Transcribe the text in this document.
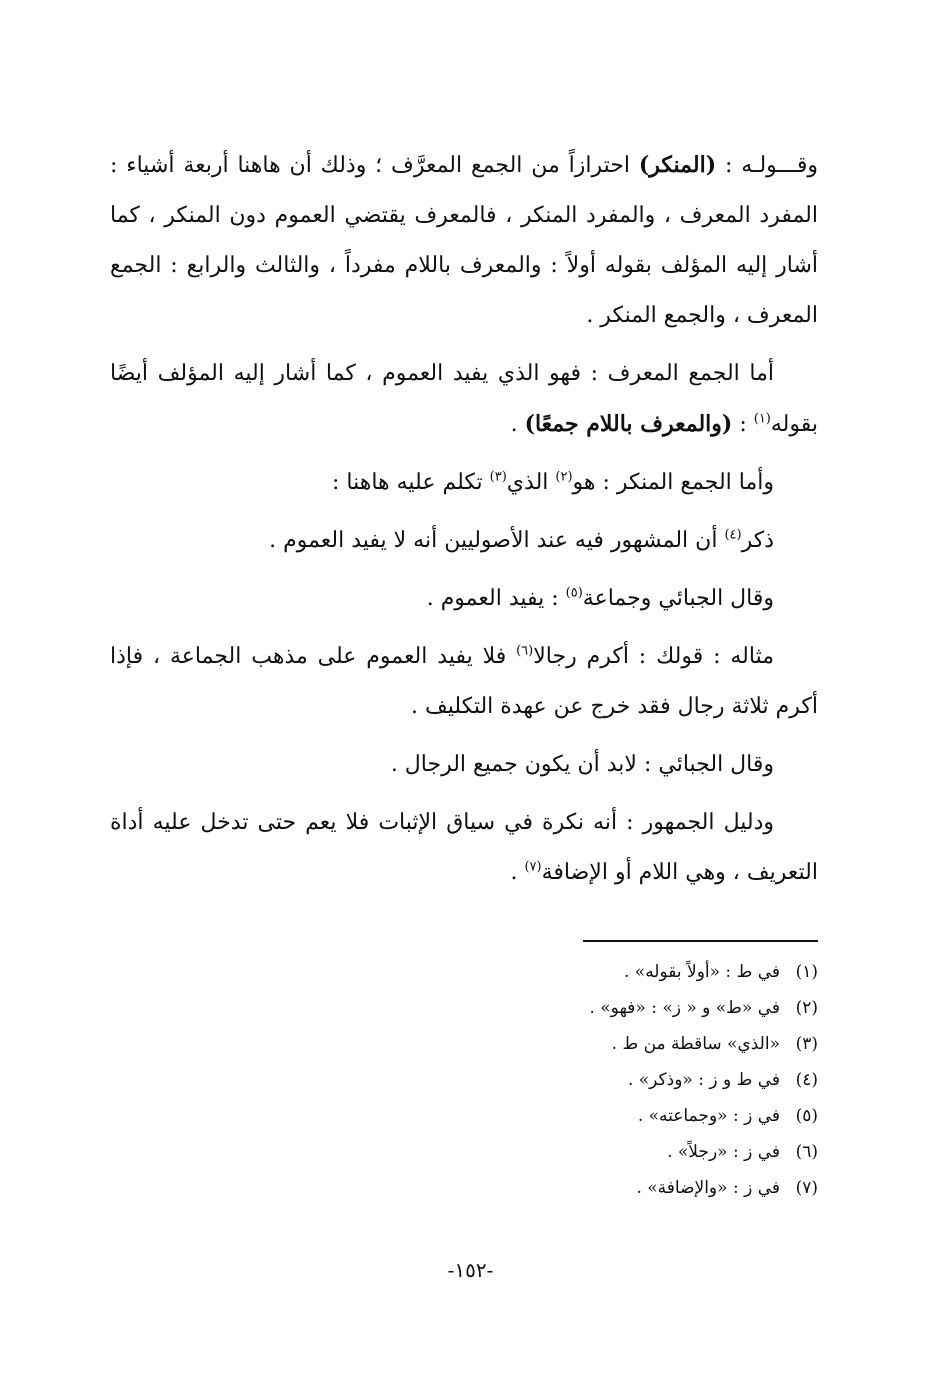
وقـــولـه : (المنكر) احترازاً من الجمع المعرَّف ؛ وذلك أن هاهنا أربعة أشياء : المفرد المعرف ، والمفرد المنكر ، فالمعرف يقتضي العموم دون المنكر ، كما أشار إليه المؤلف بقوله أولاً : والمعرف باللام مفرداً ، والثالث والرابع : الجمع المعرف ، والجمع المنكر .

أما الجمع المعرف : فهو الذي يفيد العموم ، كما أشار إليه المؤلف أيضًا بقوله$^{(١)}$ : (والمعرف باللام جمعًا) .

وأما الجمع المنكر : هو$^{(٢)}$ الذي$^{(٣)}$ تكلم عليه هاهنا :

ذكر$^{(٤)}$ أن المشهور فيه عند الأصوليين أنه لا يفيد العموم .

وقال الجبائي وجماعة$^{(٥)}$ : يفيد العموم .

مثاله : قولك : أكرم رجالا$^{(٦)}$ فلا يفيد العموم على مذهب الجماعة ، فإذا أكرم ثلاثة رجال فقد خرج عن عهدة التكليف .

وقال الجبائي : لابد أن يكون جميع الرجال .

ودليل الجمهور : أنه نكرة في سياق الإثبات فلا يعم حتى تدخل عليه أداة التعريف ، وهي اللام أو الإضافة$^{(٧)}$ .

(١)في ط : «أولاً بقوله» .

(٢)في «ط» و « ز» : «فهو» .

(٣)«الذي» ساقطة من ط .

(٤)في ط و ز : «وذكر» .

(٥)في ز : «وجماعته» .

(٦)في ز : «رجلاً» .

(٧)في ز : «والإضافة» .

-١٥٢-
